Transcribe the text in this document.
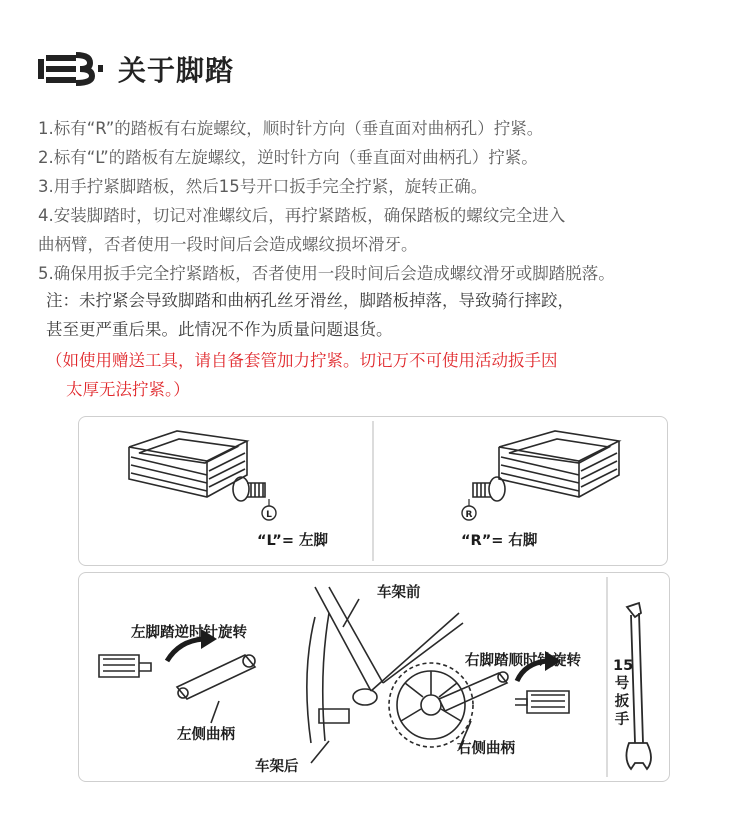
关于脚踏
1.标有“R”的踏板有右旋螺纹，顺时针方向（垂直面对曲柄孔）拧紧。
2.标有“L”的踏板有左旋螺纹，逆时针方向（垂直面对曲柄孔）拧紧。
3.用手拧紧脚踏板，然后15号开口扳手完全拧紧，旋转正确。
4.安装脚踏时，切记对准螺纹后，再拧紧踏板，确保踏板的螺纹完全进入
曲柄臂，否者使用一段时间后会造成螺纹损坏滑牙。
5.确保用扳手完全拧紧踏板，否者使用一段时间后会造成螺纹滑牙或脚踏脱落。
注：未拧紧会导致脚踏和曲柄孔丝牙滑丝，脚踏板掉落，导致骑行摔跤，
甚至更严重后果。此情况不作为质量问题退货。
（如使用赠送工具，请自备套管加力拧紧。切记万不可使用活动扳手因
太厚无法拧紧。）
L	R
“L”= 左脚	“R”= 右脚
车架前
左脚踏逆时针旋转
左侧曲柄
车架后
右脚踏顺时针旋转
右侧曲柄
15
号
扳
手
